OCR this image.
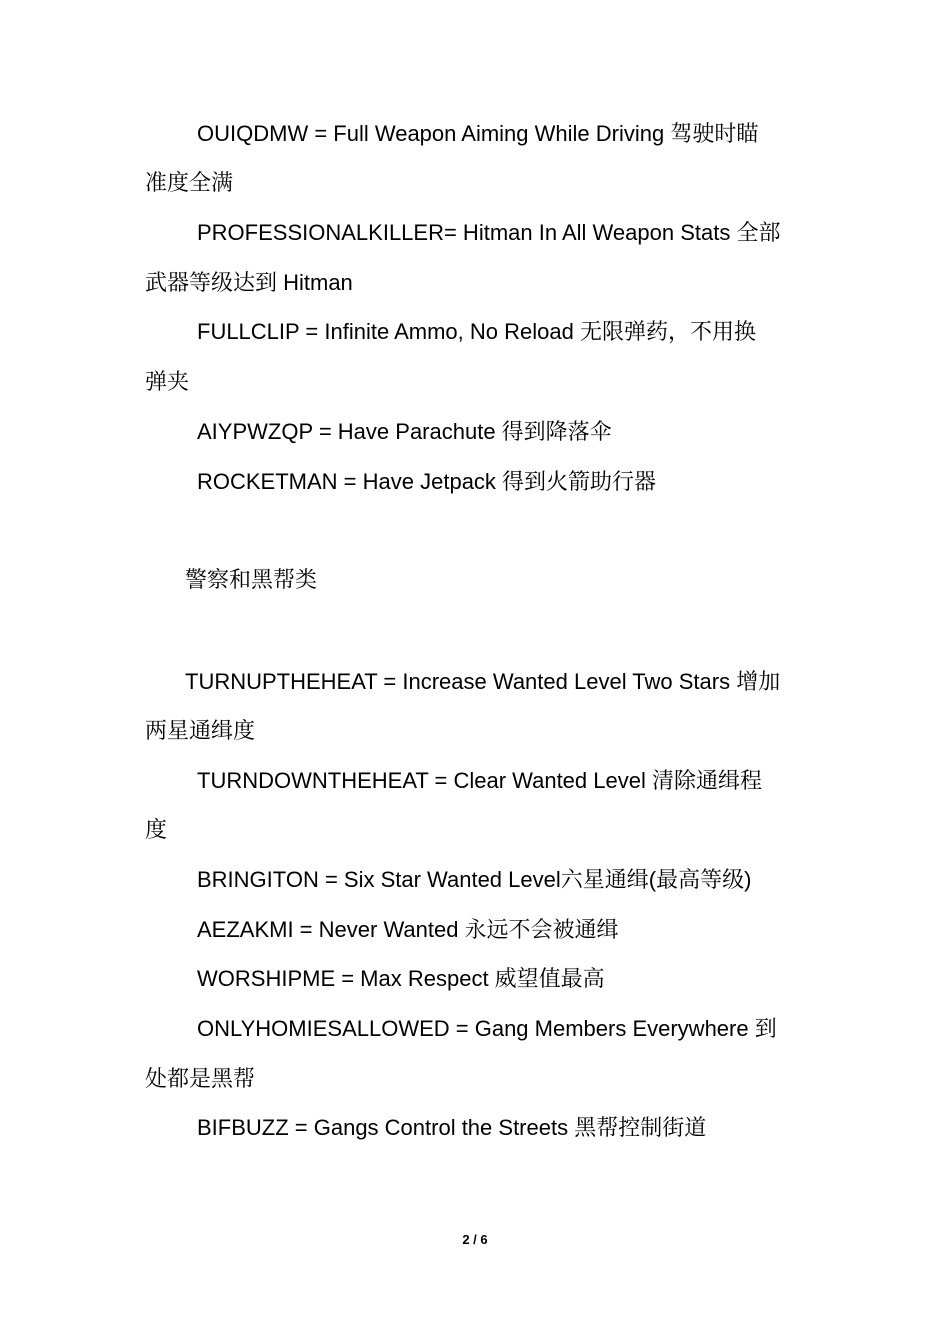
OUIQDMW = Full Weapon Aiming While Driving 驾驶时瞄
准度全满
PROFESSIONALKILLER= Hitman In All Weapon Stats 全部
武器等级达到 Hitman
FULLCLIP = Infinite Ammo, No Reload 无限弹药，不用换
弹夹
AIYPWZQP = Have Parachute 得到降落伞
ROCKETMAN = Have Jetpack 得到火箭助行器
警察和黑帮类
TURNUPTHEHEAT = Increase Wanted Level Two Stars 增加
两星通缉度
TURNDOWNTHEHEAT = Clear Wanted Level 清除通缉程
度
BRINGITON = Six Star Wanted Level六星通缉(最高等级)
AEZAKMI = Never Wanted 永远不会被通缉
WORSHIPME = Max Respect 威望值最高
ONLYHOMIESALLOWED = Gang Members Everywhere 到
处都是黑帮
BIFBUZZ = Gangs Control the Streets 黑帮控制街道
2 / 6
